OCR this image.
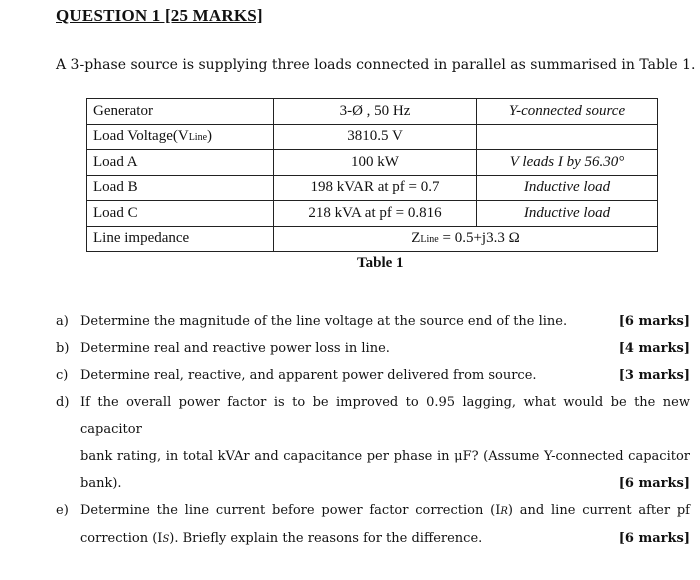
QUESTION 1 [25 MARKS]
A 3-phase source is supplying three loads connected in parallel as summarised in Table 1.
Generator	3-Ø , 50 Hz	Y-connected source
Load Voltage(VLine)	3810.5 V	
Load A	100 kW	V leads I by 56.30°
Load B	198 kVAR at pf = 0.7	Inductive load
Load C	218 kVA at pf = 0.816	Inductive load
Line impedance	ZLine = 0.5+j3.3 Ω	
Table 1
a) Determine the magnitude of the line voltage at the source end of the line.	[6 marks]
b) Determine real and reactive power loss in line.	[4 marks]
c) Determine real, reactive, and apparent power delivered from source.	[3 marks]
d) If the overall power factor is to be improved to 0.95 lagging, what would be the new capacitor
bank rating, in total kVAr and capacitance per phase in μF? (Assume Y-connected capacitor
bank).	[6 marks]
e) Determine the line current before power factor correction (IR) and line current after pf
correction (IS). Briefly explain the reasons for the difference.	[6 marks]
